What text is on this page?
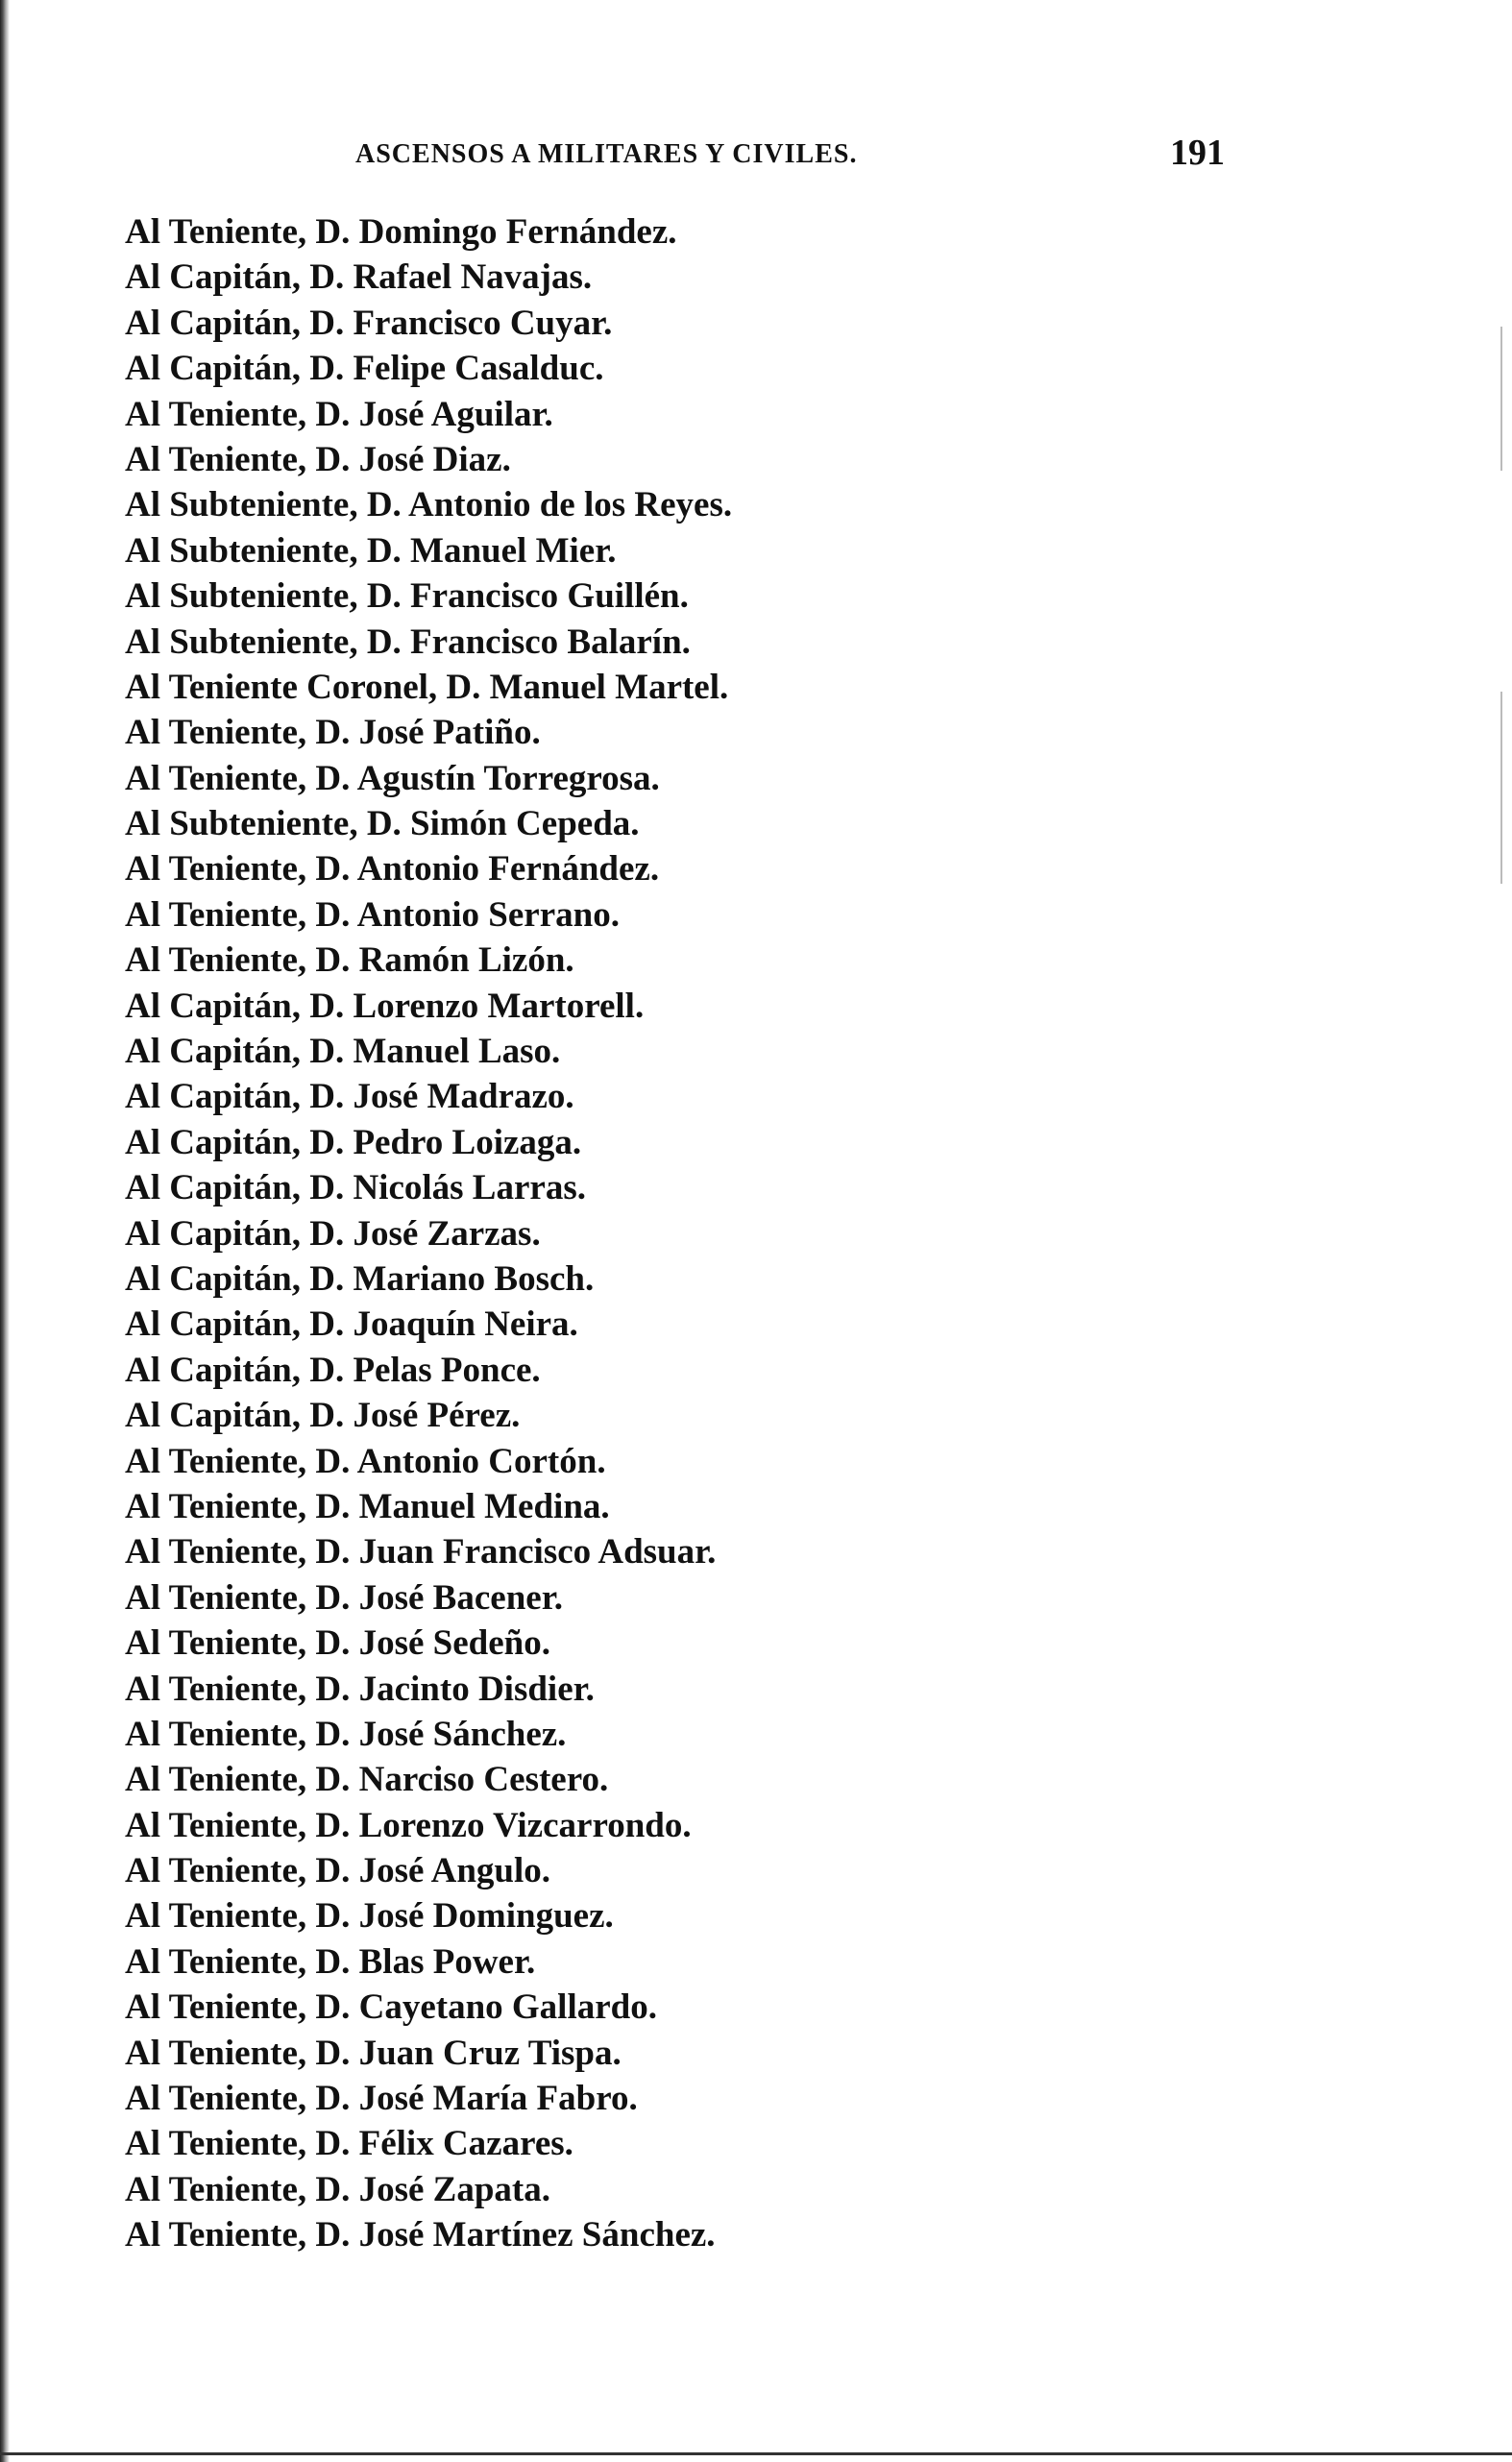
ASCENSOS A MILITARES Y CIVILES.	191
Al Teniente, D. Domingo Fernández.
Al Capitán, D. Rafael Navajas.
Al Capitán, D. Francisco Cuyar.
Al Capitán, D. Felipe Casalduc.
Al Teniente, D. José Aguilar.
Al Teniente, D. José Diaz.
Al Subteniente, D. Antonio de los Reyes.
Al Subteniente, D. Manuel Mier.
Al Subteniente, D. Francisco Guillén.
Al Subteniente, D. Francisco Balarín.
Al Teniente Coronel, D. Manuel Martel.
Al Teniente, D. José Patiño.
Al Teniente, D. Agustín Torregrosa.
Al Subteniente, D. Simón Cepeda.
Al Teniente, D. Antonio Fernández.
Al Teniente, D. Antonio Serrano.
Al Teniente, D. Ramón Lizón.
Al Capitán, D. Lorenzo Martorell.
Al Capitán, D. Manuel Laso.
Al Capitán, D. José Madrazo.
Al Capitán, D. Pedro Loizaga.
Al Capitán, D. Nicolás Larras.
Al Capitán, D. José Zarzas.
Al Capitán, D. Mariano Bosch.
Al Capitán, D. Joaquín Neira.
Al Capitán, D. Pelas Ponce.
Al Capitán, D. José Pérez.
Al Teniente, D. Antonio Cortón.
Al Teniente, D. Manuel Medina.
Al Teniente, D. Juan Francisco Adsuar.
Al Teniente, D. José Bacener.
Al Teniente, D. José Sedeño.
Al Teniente, D. Jacinto Disdier.
Al Teniente, D. José Sánchez.
Al Teniente, D. Narciso Cestero.
Al Teniente, D. Lorenzo Vizcarrondo.
Al Teniente, D. José Angulo.
Al Teniente, D. José Dominguez.
Al Teniente, D. Blas Power.
Al Teniente, D. Cayetano Gallardo.
Al Teniente, D. Juan Cruz Tispa.
Al Teniente, D. José María Fabro.
Al Teniente, D. Félix Cazares.
Al Teniente, D. José Zapata.
Al Teniente, D. José Martínez Sánchez.
